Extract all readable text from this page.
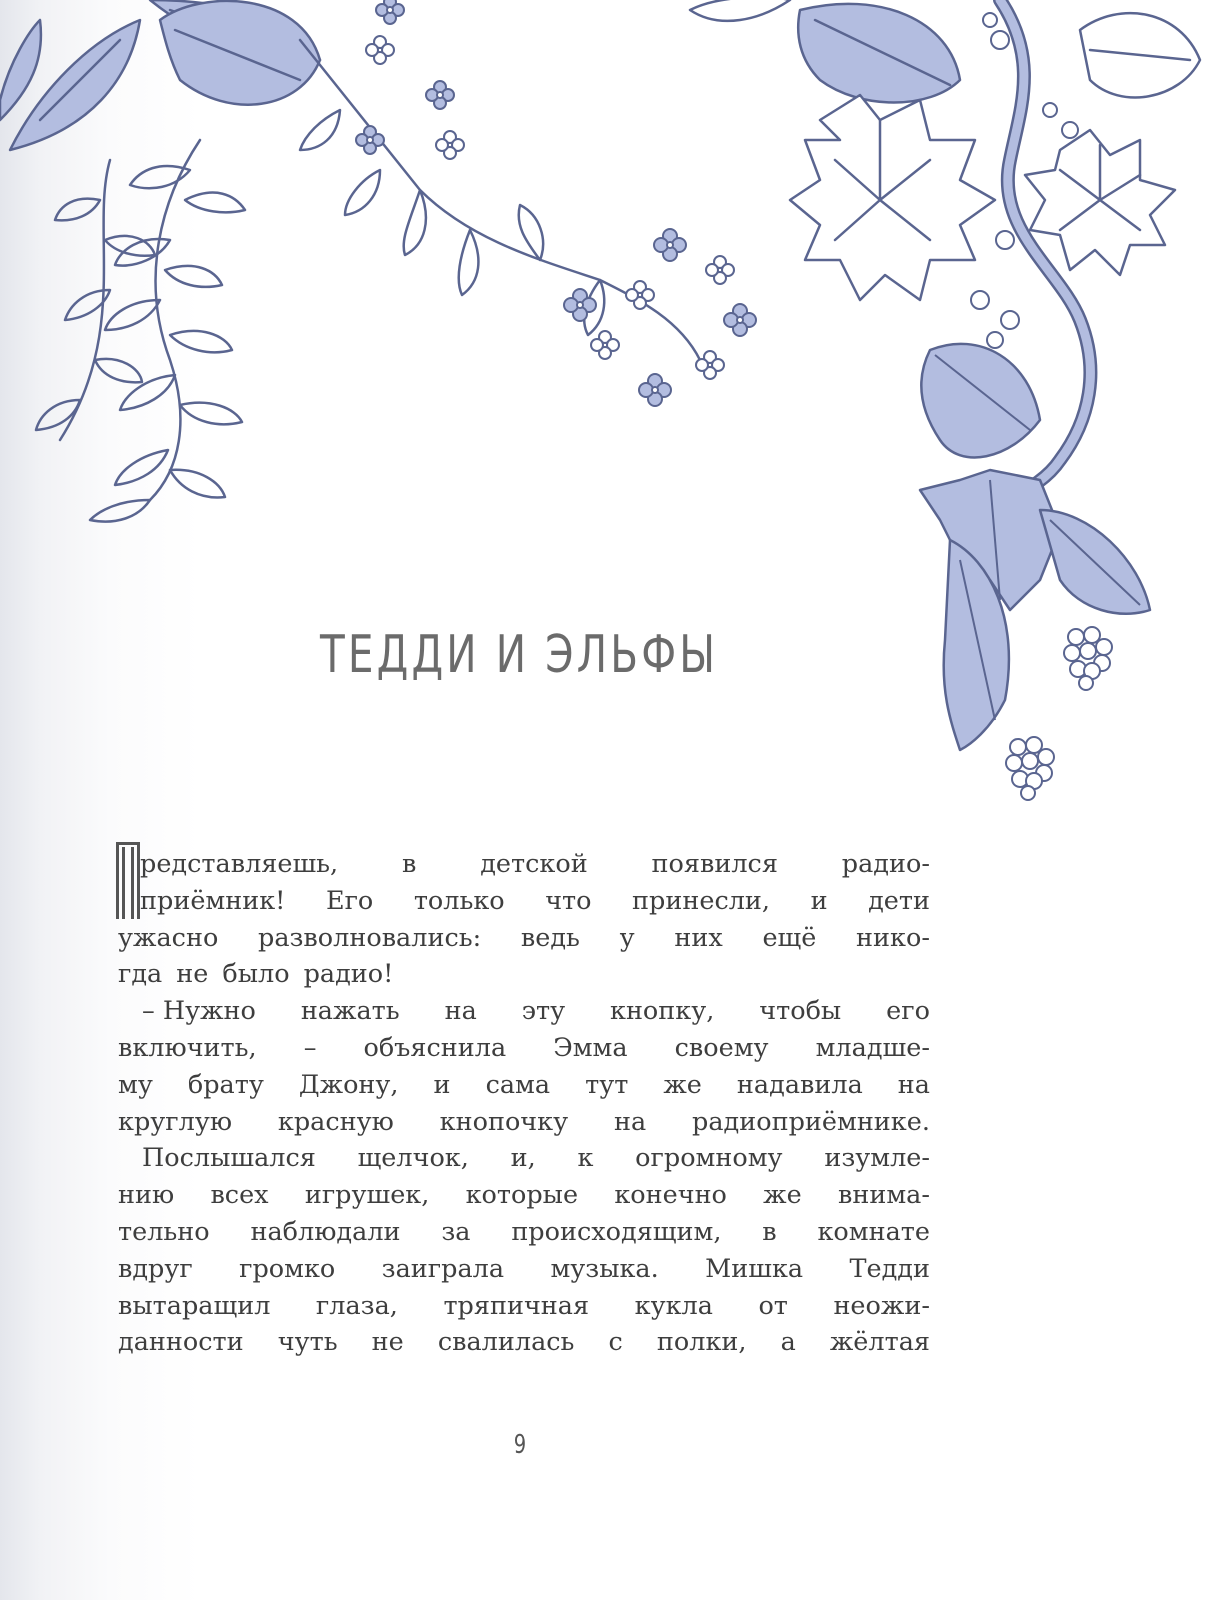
ТЕДДИ И ЭЛЬФЫ
редставляешь,	в	детской	появился	радио-
приёмник! Его только что принесли, и дети
ужасно разволновались: ведь у них ещё нико-
гда не было радио!
– Нужно нажать на эту кнопку, чтобы его
включить, – объяснила Эмма своему младше-
му брату Джону, и сама тут же надавила на
круглую красную кнопочку на радиоприёмнике.
Послышался щелчок, и, к огромному изумле-
нию всех игрушек, которые конечно же внима-
тельно наблюдали за происходящим, в комнате
вдруг громко заиграла музыка. Мишка Тедди
вытаращил глаза, тряпичная кукла от неожи-
данности чуть не свалилась с полки, а жёлтая
9
